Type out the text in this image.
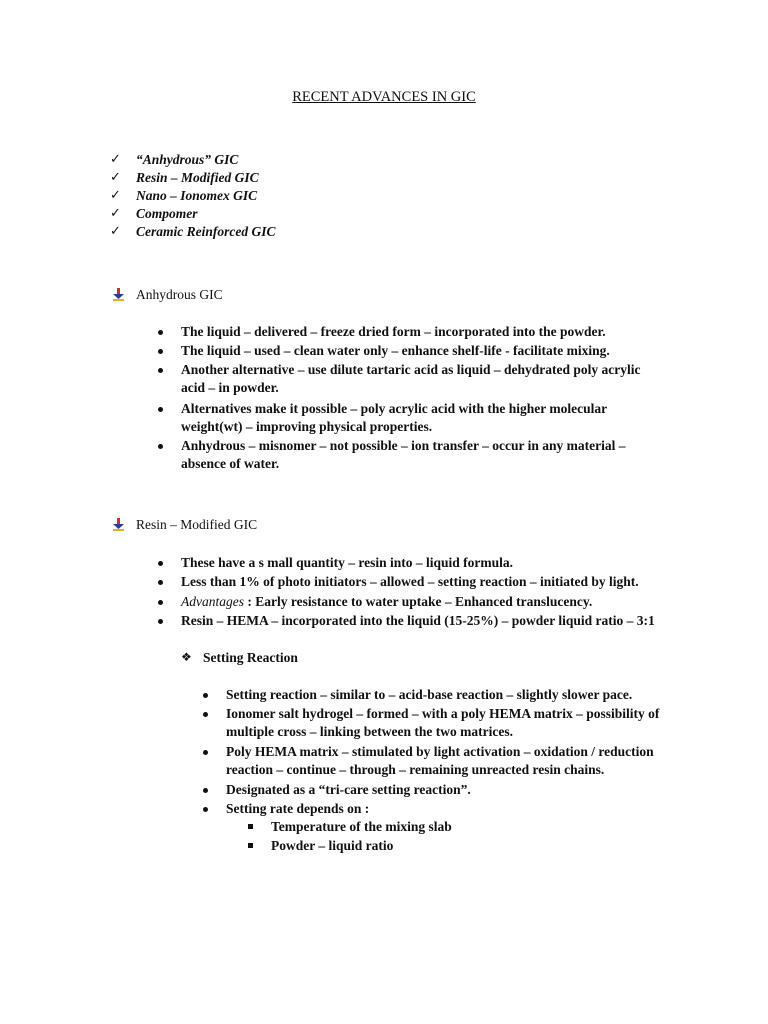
RECENT ADVANCES IN GIC
✓	“Anhydrous” GIC
✓	Resin – Modified GIC
✓	Nano – Ionomex GIC
✓	Compomer
✓	Ceramic Reinforced GIC
Anhydrous GIC
The liquid – delivered – freeze dried form – incorporated into the powder.
The liquid – used – clean water only – enhance shelf-life - facilitate mixing.
Another alternative – use dilute tartaric acid as liquid – dehydrated poly acrylic
acid – in powder.
Alternatives make it possible – poly acrylic acid with the higher molecular
weight(wt) – improving physical properties.
Anhydrous – misnomer – not possible – ion transfer – occur in any material –
absence of water.
Resin – Modified GIC
These have a s mall quantity – resin into – liquid formula.
Less than 1% of photo initiators – allowed – setting reaction – initiated by light.
Advantages : Early resistance to water uptake – Enhanced translucency.
Resin – HEMA – incorporated into the liquid (15-25%) – powder liquid ratio – 3:1
❖ Setting Reaction
Setting reaction – similar to – acid-base reaction – slightly slower pace.
Ionomer salt hydrogel – formed – with a poly HEMA matrix – possibility of
multiple cross – linking between the two matrices.
Poly HEMA matrix – stimulated by light activation – oxidation / reduction
reaction – continue – through – remaining unreacted resin chains.
Designated as a “tri-care setting reaction”.
Setting rate depends on :
Temperature of the mixing slab
Powder – liquid ratio
